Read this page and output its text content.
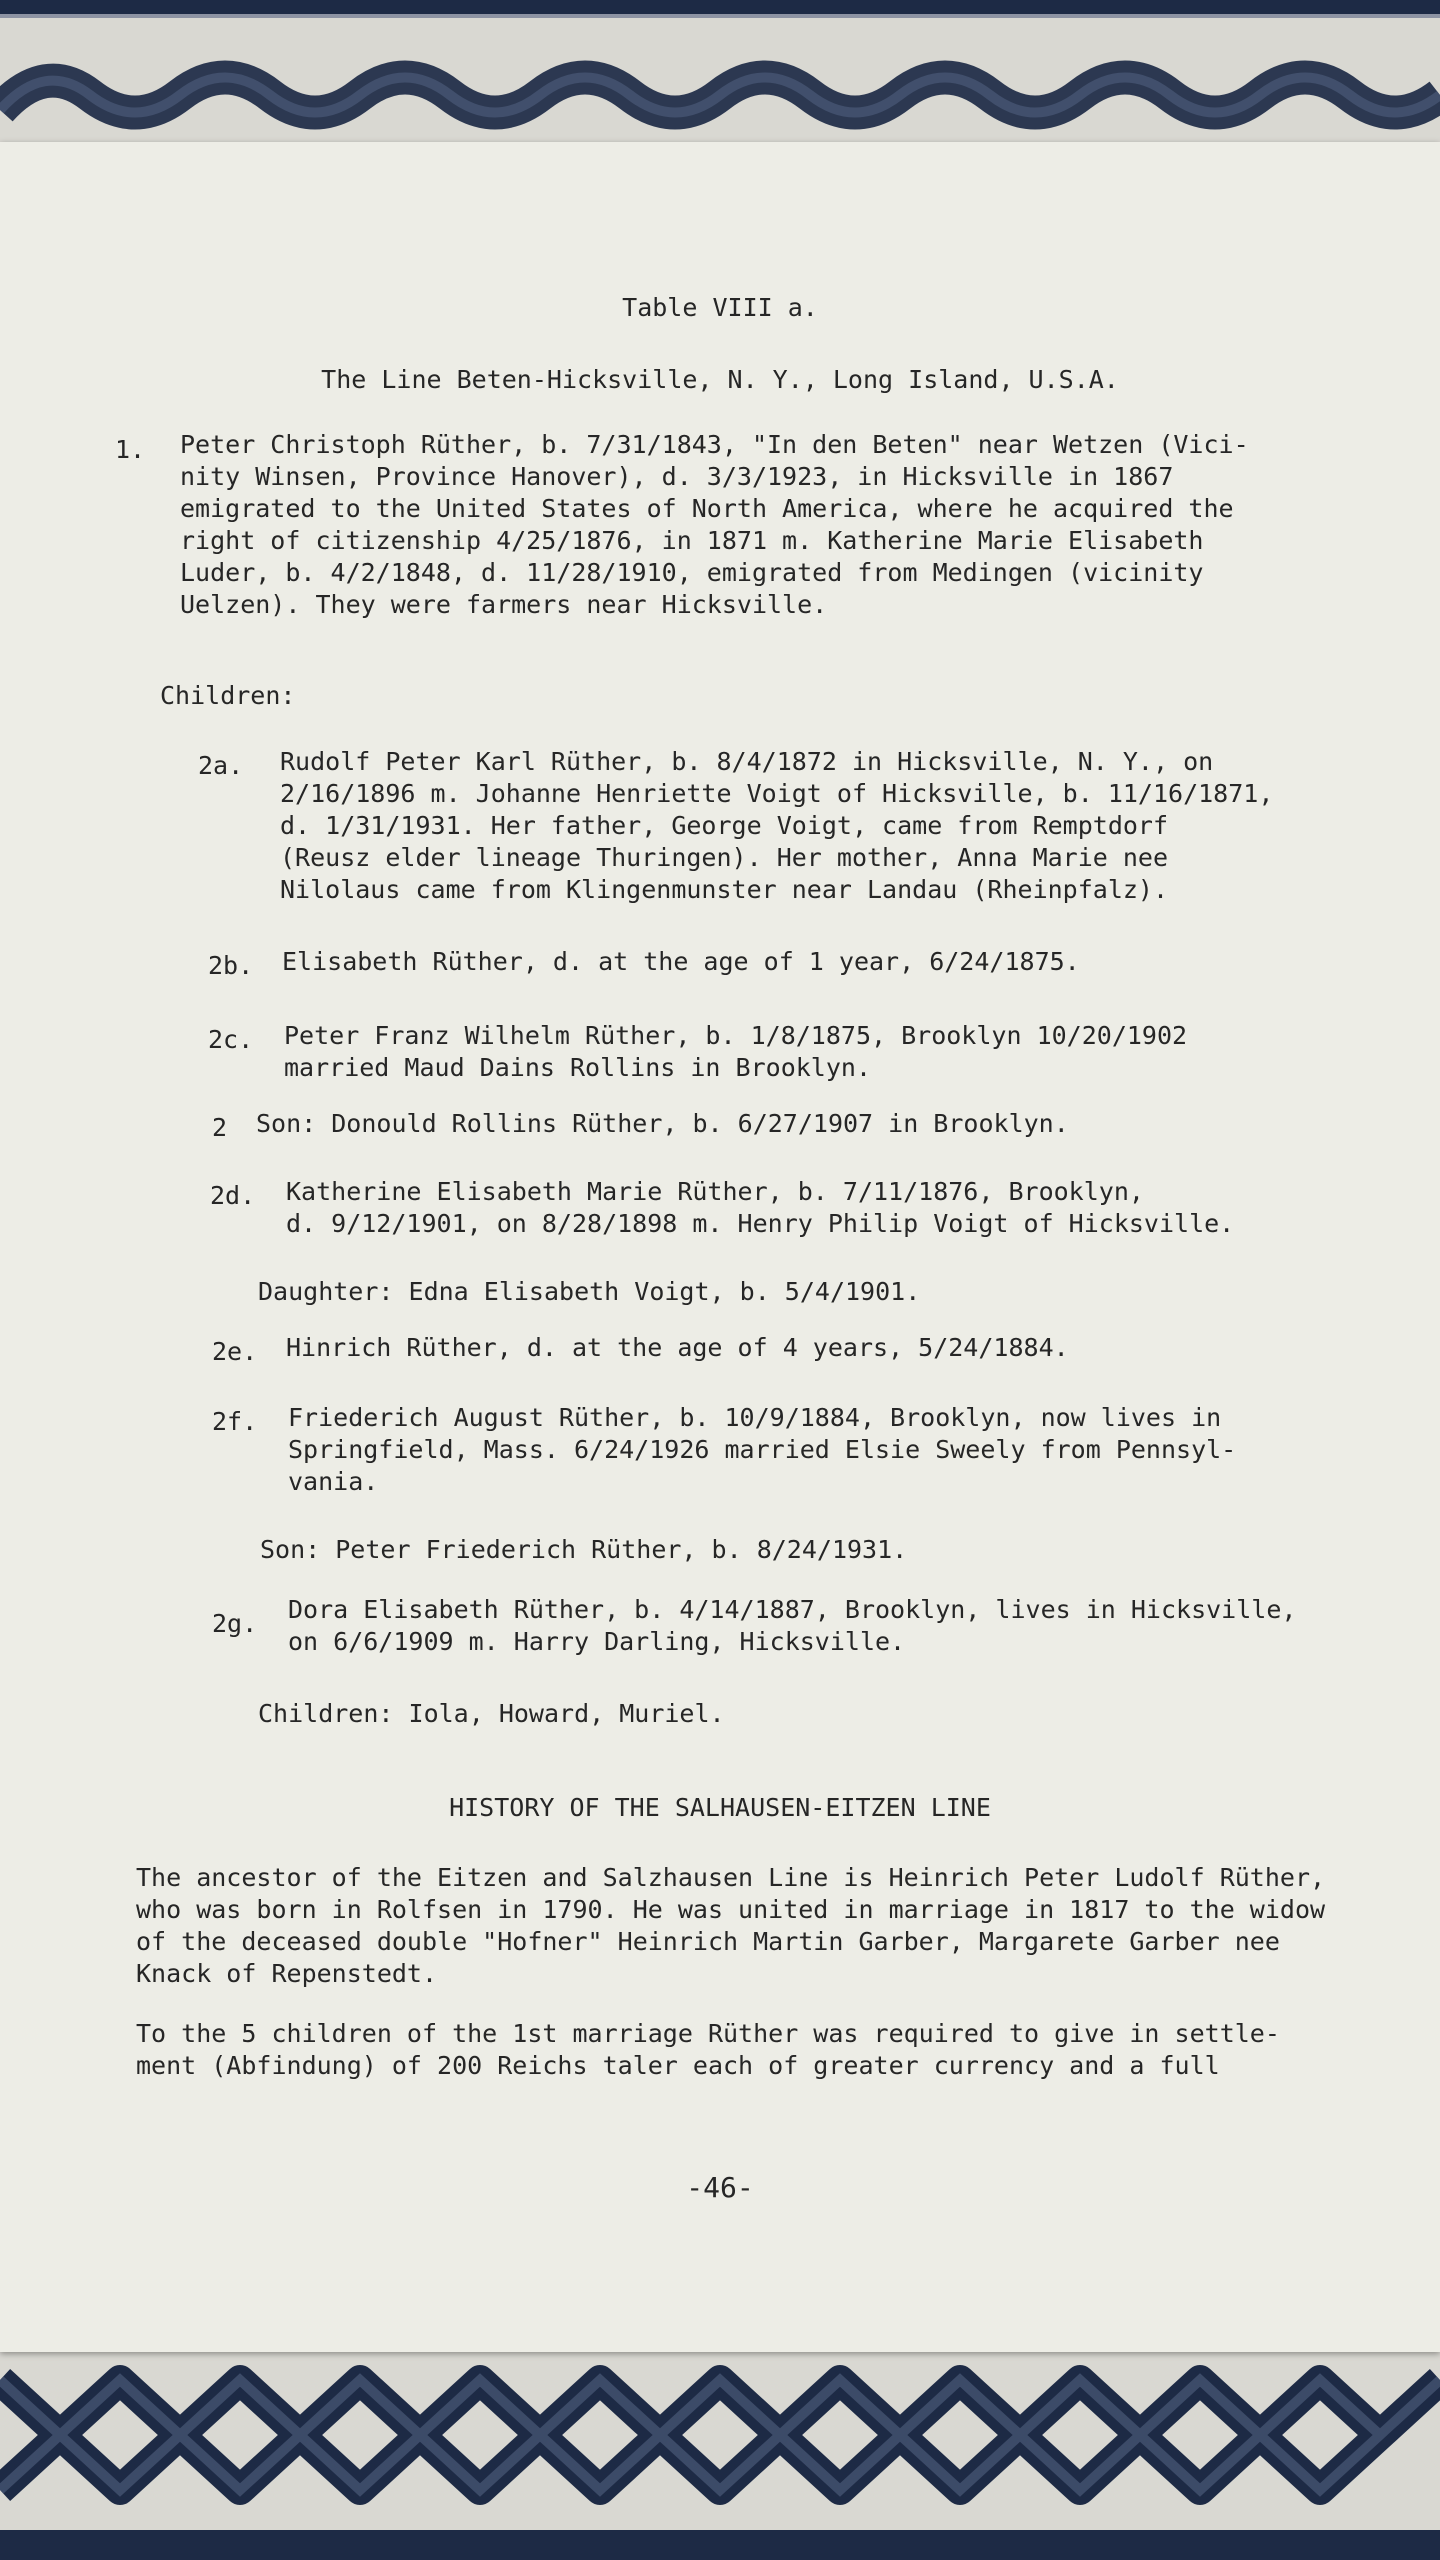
Table VIII a.

The Line Beten-Hicksville, N. Y., Long Island, U.S.A.

1. Peter Christoph Rüther, b. 7/31/1843, "In den Beten" near Wetzen (Vici-
nity Winsen, Province Hanover), d. 3/3/1923, in Hicksville in 1867
emigrated to the United States of North America, where he acquired the
right of citizenship 4/25/1876, in 1871 m. Katherine Marie Elisabeth
Luder, b. 4/2/1848, d. 11/28/1910, emigrated from Medingen (vicinity
Uelzen). They were farmers near Hicksville.

Children:

2a. Rudolf Peter Karl Rüther, b. 8/4/1872 in Hicksville, N. Y., on
2/16/1896 m. Johanne Henriette Voigt of Hicksville, b. 11/16/1871,
d. 1/31/1931. Her father, George Voigt, came from Remptdorf
(Reusz elder lineage Thuringen). Her mother, Anna Marie nee
Nilolaus came from Klingenmunster near Landau (Rheinpfalz).

2b. Elisabeth Rüther, d. at the age of 1 year, 6/24/1875.

2c. Peter Franz Wilhelm Rüther, b. 1/8/1875, Brooklyn 10/20/1902
married Maud Dains Rollins in Brooklyn.

2 Son: Donould Rollins Rüther, b. 6/27/1907 in Brooklyn.

2d. Katherine Elisabeth Marie Rüther, b. 7/11/1876, Brooklyn,
d. 9/12/1901, on 8/28/1898 m. Henry Philip Voigt of Hicksville.

Daughter: Edna Elisabeth Voigt, b. 5/4/1901.

2e. Hinrich Rüther, d. at the age of 4 years, 5/24/1884.

2f. Friederich August Rüther, b. 10/9/1884, Brooklyn, now lives in
Springfield, Mass. 6/24/1926 married Elsie Sweely from Pennsyl-
vania.

Son: Peter Friederich Rüther, b. 8/24/1931.

2g. Dora Elisabeth Rüther, b. 4/14/1887, Brooklyn, lives in Hicksville,
on 6/6/1909 m. Harry Darling, Hicksville.

Children: Iola, Howard, Muriel.

HISTORY OF THE SALHAUSEN-EITZEN LINE

The ancestor of the Eitzen and Salzhausen Line is Heinrich Peter Ludolf Rüther,
who was born in Rolfsen in 1790. He was united in marriage in 1817 to the widow
of the deceased double "Hofner" Heinrich Martin Garber, Margarete Garber nee
Knack of Repenstedt.
To the 5 children of the 1st marriage Rüther was required to give in settle-
ment (Abfindung) of 200 Reichs taler each of greater currency and a full

-46-
